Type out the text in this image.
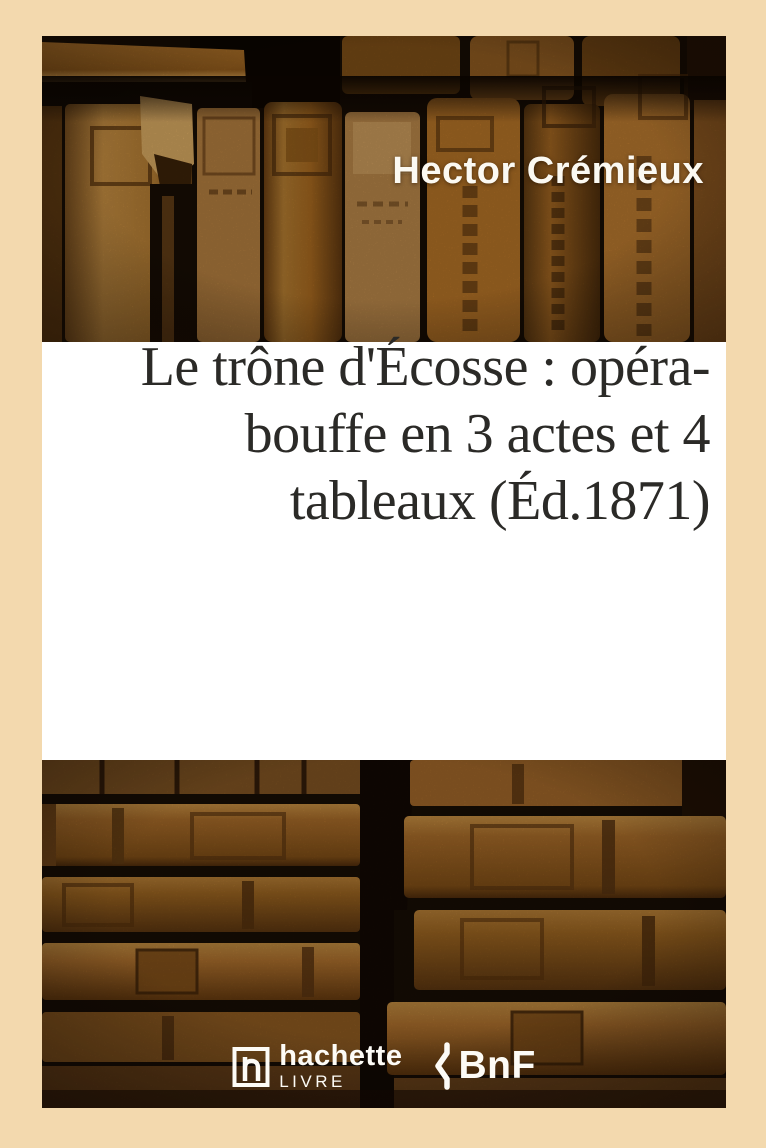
Hector Crémieux
Le trône d'Écosse : opéra-
bouffe en 3 actes et 4
tableaux (Éd.1871)
hachette
LIVRE	BnF
